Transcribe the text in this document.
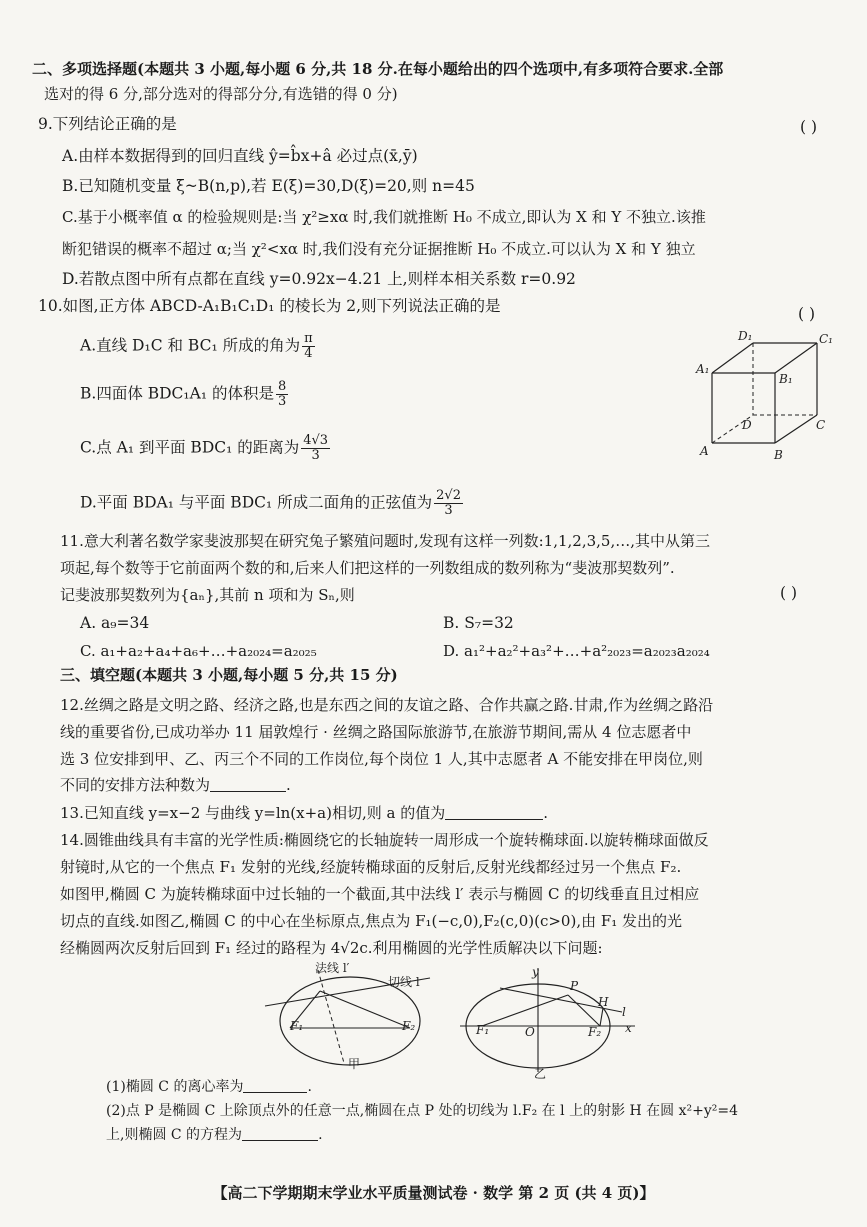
二、多项选择题(本题共 3 小题,每小题 6 分,共 18 分.在每小题给出的四个选项中,有多项符合要求.全部
选对的得 6 分,部分选对的得部分分,有选错的得 0 分)
9.下列结论正确的是	( )
A.由样本数据得到的回归直线 ŷ=b̂x+â 必过点(x̄,ȳ)
B.已知随机变量 ξ~B(n,p),若 E(ξ)=30,D(ξ)=20,则 n=45
C.基于小概率值 α 的检验规则是:当 χ²≥xα 时,我们就推断 H₀ 不成立,即认为 X 和 Y 不独立.该推
断犯错误的概率不超过 α;当 χ²<xα 时,我们没有充分证据推断 H₀ 不成立.可以认为 X 和 Y 独立
D.若散点图中所有点都在直线 y=0.92x−4.21 上,则样本相关系数 r=0.92
10.如图,正方体 ABCD-A₁B₁C₁D₁ 的棱长为 2,则下列说法正确的是	( )
A.直线 D₁C 和 BC₁ 所成的角为 $\frac{\pi}{4}$
B.四面体 BDC₁A₁ 的体积是 $\frac{8}{3}$
C.点 A₁ 到平面 BDC₁ 的距离为 $\frac{4√3}{3}$
D.平面 BDA₁ 与平面 BDC₁ 所成二面角的正弦值为 $\frac{2√2}{3}$
D₁	C₁
A₁
B₁
D	C
A	B
11.意大利著名数学家斐波那契在研究兔子繁殖问题时,发现有这样一列数:1,1,2,3,5,…,其中从第三
项起,每个数等于它前面两个数的和,后来人们把这样的一列数组成的数列称为“斐波那契数列”.
记斐波那契数列为{aₙ},其前 n 项和为 Sₙ,则	( )
A. a₉=34	B. S₇=32
C. a₁+a₂+a₄+a₆+…+a₂₀₂₄=a₂₀₂₅	D. a₁²+a₂²+a₃²+…+a²₂₀₂₃=a₂₀₂₃a₂₀₂₄
三、填空题(本题共 3 小题,每小题 5 分,共 15 分)
12.丝绸之路是文明之路、经济之路,也是东西之间的友谊之路、合作共赢之路.甘肃,作为丝绸之路沿
线的重要省份,已成功举办 11 届敦煌行 · 丝绸之路国际旅游节,在旅游节期间,需从 4 位志愿者中
选 3 位安排到甲、乙、丙三个不同的工作岗位,每个岗位 1 人,其中志愿者 A 不能安排在甲岗位,则
不同的安排方法种数为	.
13.已知直线 y=x−2 与曲线 y=ln(x+a)相切,则 a 的值为	.
14.圆锥曲线具有丰富的光学性质:椭圆绕它的长轴旋转一周形成一个旋转椭球面.以旋转椭球面做反
射镜时,从它的一个焦点 F₁ 发射的光线,经旋转椭球面的反射后,反射光线都经过另一个焦点 F₂.
如图甲,椭圆 C 为旋转椭球面中过长轴的一个截面,其中法线 l′ 表示与椭圆 C 的切线垂直且过相应
切点的直线.如图乙,椭圆 C 的中心在坐标原点,焦点为 F₁(−c,0),F₂(c,0)(c>0),由 F₁ 发出的光
经椭圆两次反射后回到 F₁ 经过的路程为 4√2c.利用椭圆的光学性质解决以下问题:
法线 l′
切线 l
F₁	F₂
甲
y
P
H
l
F₁	O	F₂ x
乙
(1)椭圆 C 的离心率为	.
(2)点 P 是椭圆 C 上除顶点外的任意一点,椭圆在点 P 处的切线为 l.F₂ 在 l 上的射影 H 在圆 x²+y²=4
上,则椭圆 C 的方程为	.
【高二下学期期末学业水平质量测试卷 · 数学 第 2 页 (共 4 页)】
